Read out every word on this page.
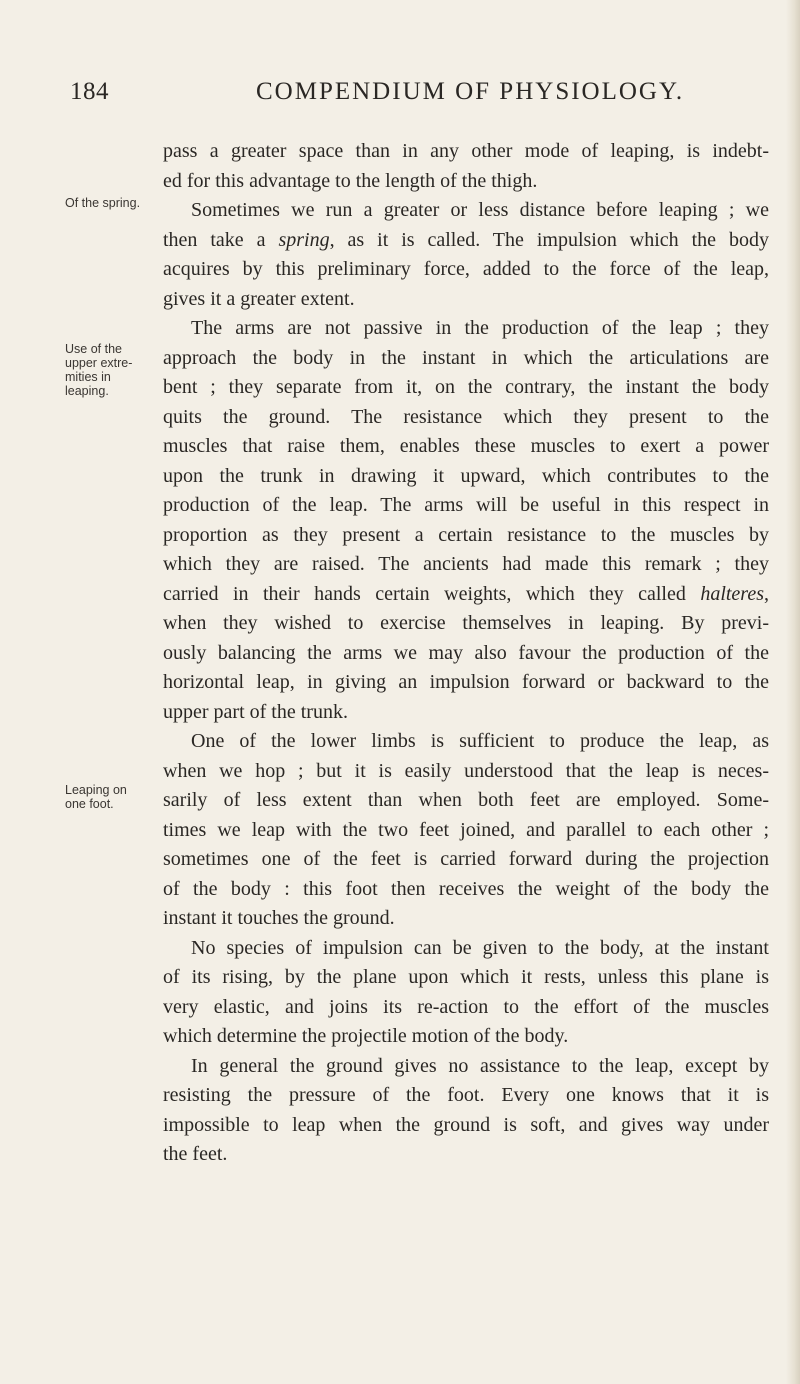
184	COMPENDIUM OF PHYSIOLOGY.
Of the spring.
Use of the upper extre- mities in leaping.
Leaping on one foot.
pass a greater space than in any other mode of leaping, is indebt-
ed for this advantage to the length of the thigh.
Sometimes we run a greater or less distance before leaping ; we
then take a spring, as it is called. The impulsion which the body
acquires by this preliminary force, added to the force of the leap,
gives it a greater extent.
The arms are not passive in the production of the leap ; they
approach the body in the instant in which the articulations are
bent ; they separate from it, on the contrary, the instant the body
quits the ground. The resistance which they present to the
muscles that raise them, enables these muscles to exert a power
upon the trunk in drawing it upward, which contributes to the
production of the leap. The arms will be useful in this respect in
proportion as they present a certain resistance to the muscles by
which they are raised. The ancients had made this remark ; they
carried in their hands certain weights, which they called halteres,
when they wished to exercise themselves in leaping. By previ-
ously balancing the arms we may also favour the production of the
horizontal leap, in giving an impulsion forward or backward to the
upper part of the trunk.
One of the lower limbs is sufficient to produce the leap, as
when we hop ; but it is easily understood that the leap is neces-
sarily of less extent than when both feet are employed. Some-
times we leap with the two feet joined, and parallel to each other ;
sometimes one of the feet is carried forward during the projection
of the body : this foot then receives the weight of the body the
instant it touches the ground.
No species of impulsion can be given to the body, at the instant
of its rising, by the plane upon which it rests, unless this plane is
very elastic, and joins its re-action to the effort of the muscles
which determine the projectile motion of the body.
In general the ground gives no assistance to the leap, except by
resisting the pressure of the foot. Every one knows that it is
impossible to leap when the ground is soft, and gives way under
the feet.
